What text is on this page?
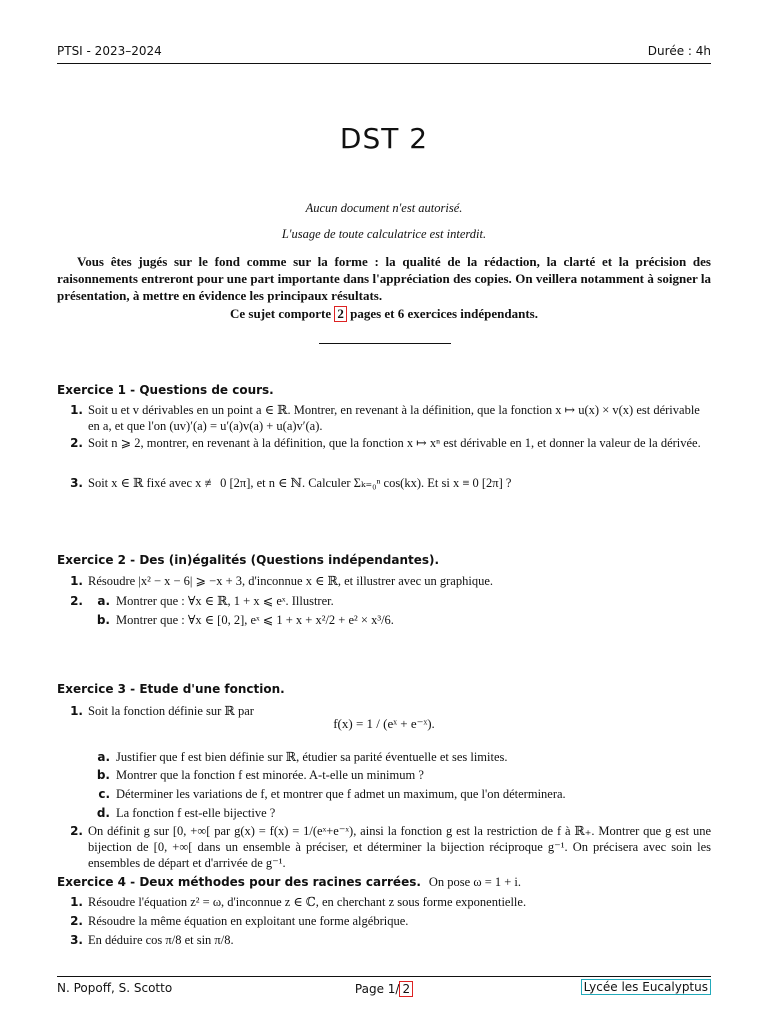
PTSI - 2023–2024	Durée : 4h
DST 2
Aucun document n'est autorisé.
L'usage de toute calculatrice est interdit.
Vous êtes jugés sur le fond comme sur la forme : la qualité de la rédaction, la clarté et la précision des raisonnements entreront pour une part importante dans l'appréciation des copies. On veillera notamment à soigner la présentation, à mettre en évidence les principaux résultats.
Ce sujet comporte 2 pages et 6 exercices indépendants.
Exercice 1 - Questions de cours.
1. Soit u et v dérivables en un point a ∈ ℝ. Montrer, en revenant à la définition, que la fonction x ↦ u(x) × v(x) est dérivable en a, et que l'on (uv)′(a) = u′(a)v(a) + u(a)v′(a).
2. Soit n ⩾ 2, montrer, en revenant à la définition, que la fonction x ↦ xⁿ est dérivable en 1, et donner la valeur de la dérivée.
3. Soit x ∈ ℝ fixé avec x ≢ 0 [2π], et n ∈ ℕ. Calculer Σₖ₌₀ⁿ cos(kx). Et si x ≡ 0 [2π] ?
Exercice 2 - Des (in)égalités (Questions indépendantes).
1. Résoudre |x² − x − 6| ⩾ −x + 3, d'inconnue x ∈ ℝ, et illustrer avec un graphique.
2. a. Montrer que : ∀x ∈ ℝ, 1 + x ⩽ eˣ. Illustrer.
b. Montrer que : ∀x ∈ [0, 2], eˣ ⩽ 1 + x + x²/2 + e² × x³/6.
Exercice 3 - Etude d'une fonction.
1. Soit la fonction définie sur ℝ par
f(x) = 1 / (eˣ + e⁻ˣ).
a. Justifier que f est bien définie sur ℝ, étudier sa parité éventuelle et ses limites.
b. Montrer que la fonction f est minorée. A-t-elle un minimum ?
c. Déterminer les variations de f, et montrer que f admet un maximum, que l'on déterminera.
d. La fonction f est-elle bijective ?
2. On définit g sur [0, +∞[ par g(x) = f(x) = 1/(eˣ+e⁻ˣ), ainsi la fonction g est la restriction de f à ℝ₊. Montrer que g est une bijection de [0, +∞[ dans un ensemble à préciser, et déterminer la bijection réciproque g⁻¹. On précisera avec soin les ensembles de départ et d'arrivée de g⁻¹.
Exercice 4 - Deux méthodes pour des racines carrées. On pose ω = 1 + i.
1. Résoudre l'équation z² = ω, d'inconnue z ∈ ℂ, en cherchant z sous forme exponentielle.
2. Résoudre la même équation en exploitant une forme algébrique.
3. En déduire cos π/8 et sin π/8.
N. Popoff, S. Scotto	Page 1/ 2	Lycée les Eucalyptus
